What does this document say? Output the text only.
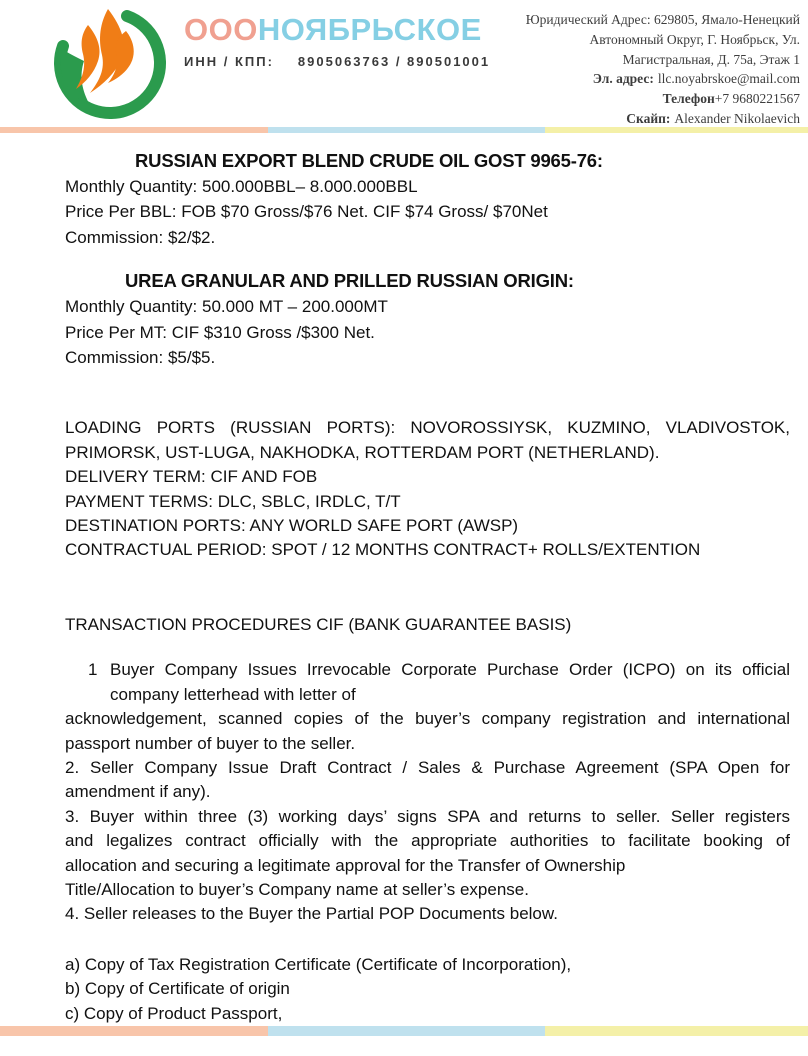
ОООНОЯБРЬСКОЕ
ИНН / КПП: 8905063763 / 890501001
Юридический Адрес: 629805, Ямало-Ненецкий
Автономный Округ, Г. Ноябрьск, Ул.
Магистральная, Д. 75а, Этаж 1
Эл. адрес: llc.noyabrskoe@mail.com
Телефон+7 9680221567
Скайп: Alexander Nikolaevich
RUSSIAN EXPORT BLEND CRUDE OIL GOST 9965-76:
Monthly Quantity: 500.000BBL– 8.000.000BBL
Price Per BBL: FOB $70 Gross/$76 Net. CIF $74 Gross/ $70Net
Commission: $2/$2.
UREA GRANULAR AND PRILLED RUSSIAN ORIGIN:
Monthly Quantity: 50.000 MT – 200.000MT
Price Per MT: CIF $310 Gross /$300 Net.
Commission: $5/$5.
LOADING PORTS (RUSSIAN PORTS): NOVOROSSIYSK, KUZMINO, VLADIVOSTOK,
PRIMORSK, UST-LUGA, NAKHODKA, ROTTERDAM PORT (NETHERLAND).
DELIVERY TERM: CIF AND FOB
PAYMENT TERMS: DLC, SBLC, IRDLC, T/T
DESTINATION PORTS: ANY WORLD SAFE PORT (AWSP)
CONTRACTUAL PERIOD: SPOT / 12 MONTHS CONTRACT+ ROLLS/EXTENTION
TRANSACTION PROCEDURES CIF (BANK GUARANTEE BASIS)
1 Buyer Company Issues Irrevocable Corporate Purchase Order (ICPO) on its official
company letterhead with letter of
acknowledgement, scanned copies of the buyer’s company registration and international
passport number of buyer to the seller.
2. Seller Company Issue Draft Contract / Sales & Purchase Agreement (SPA Open for
amendment if any).
3. Buyer within three (3) working days’ signs SPA and returns to seller. Seller registers
and legalizes contract officially with the appropriate authorities to facilitate booking of
allocation and securing a legitimate approval for the Transfer of Ownership
Title/Allocation to buyer’s Company name at seller’s expense.
4. Seller releases to the Buyer the Partial POP Documents below.
a) Copy of Tax Registration Certificate (Certificate of Incorporation),
b) Copy of Certificate of origin
c) Copy of Product Passport,
